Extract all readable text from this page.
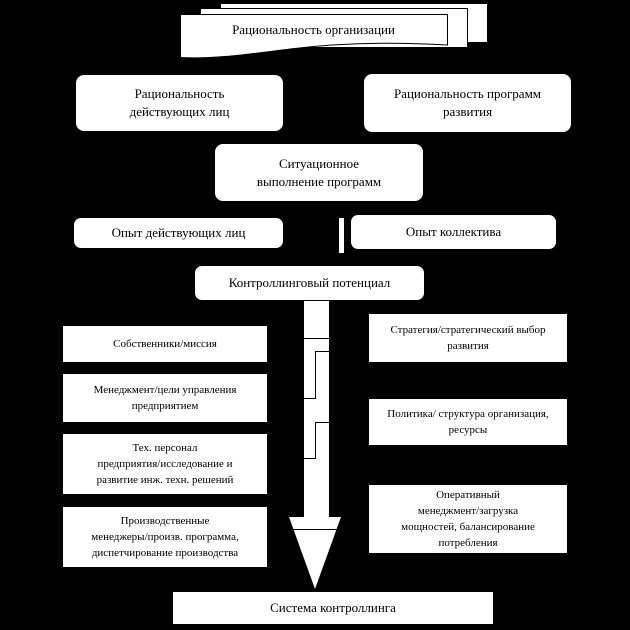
Рациональность организации
Рациональность
действующих лиц
Рациональность программ
развития
Ситуационное
выполнение программ
Опыт действующих лиц	Опыт коллектива
Контроллинговый потенциал
Собственники/миссия
Менеджмент/цели управления
предприятием
Тех. персонал
предприятия/исследование и
развитие инж. техн. решений
Производственные
менеджеры/произв. программа,
диспетчирование производства
Стратегия/стратегический выбор
развития
Политика/ структура организация,
ресурсы
Оперативный
менеджмент/загрузка
мощностей, балансирование
потребления
Система контроллинга
